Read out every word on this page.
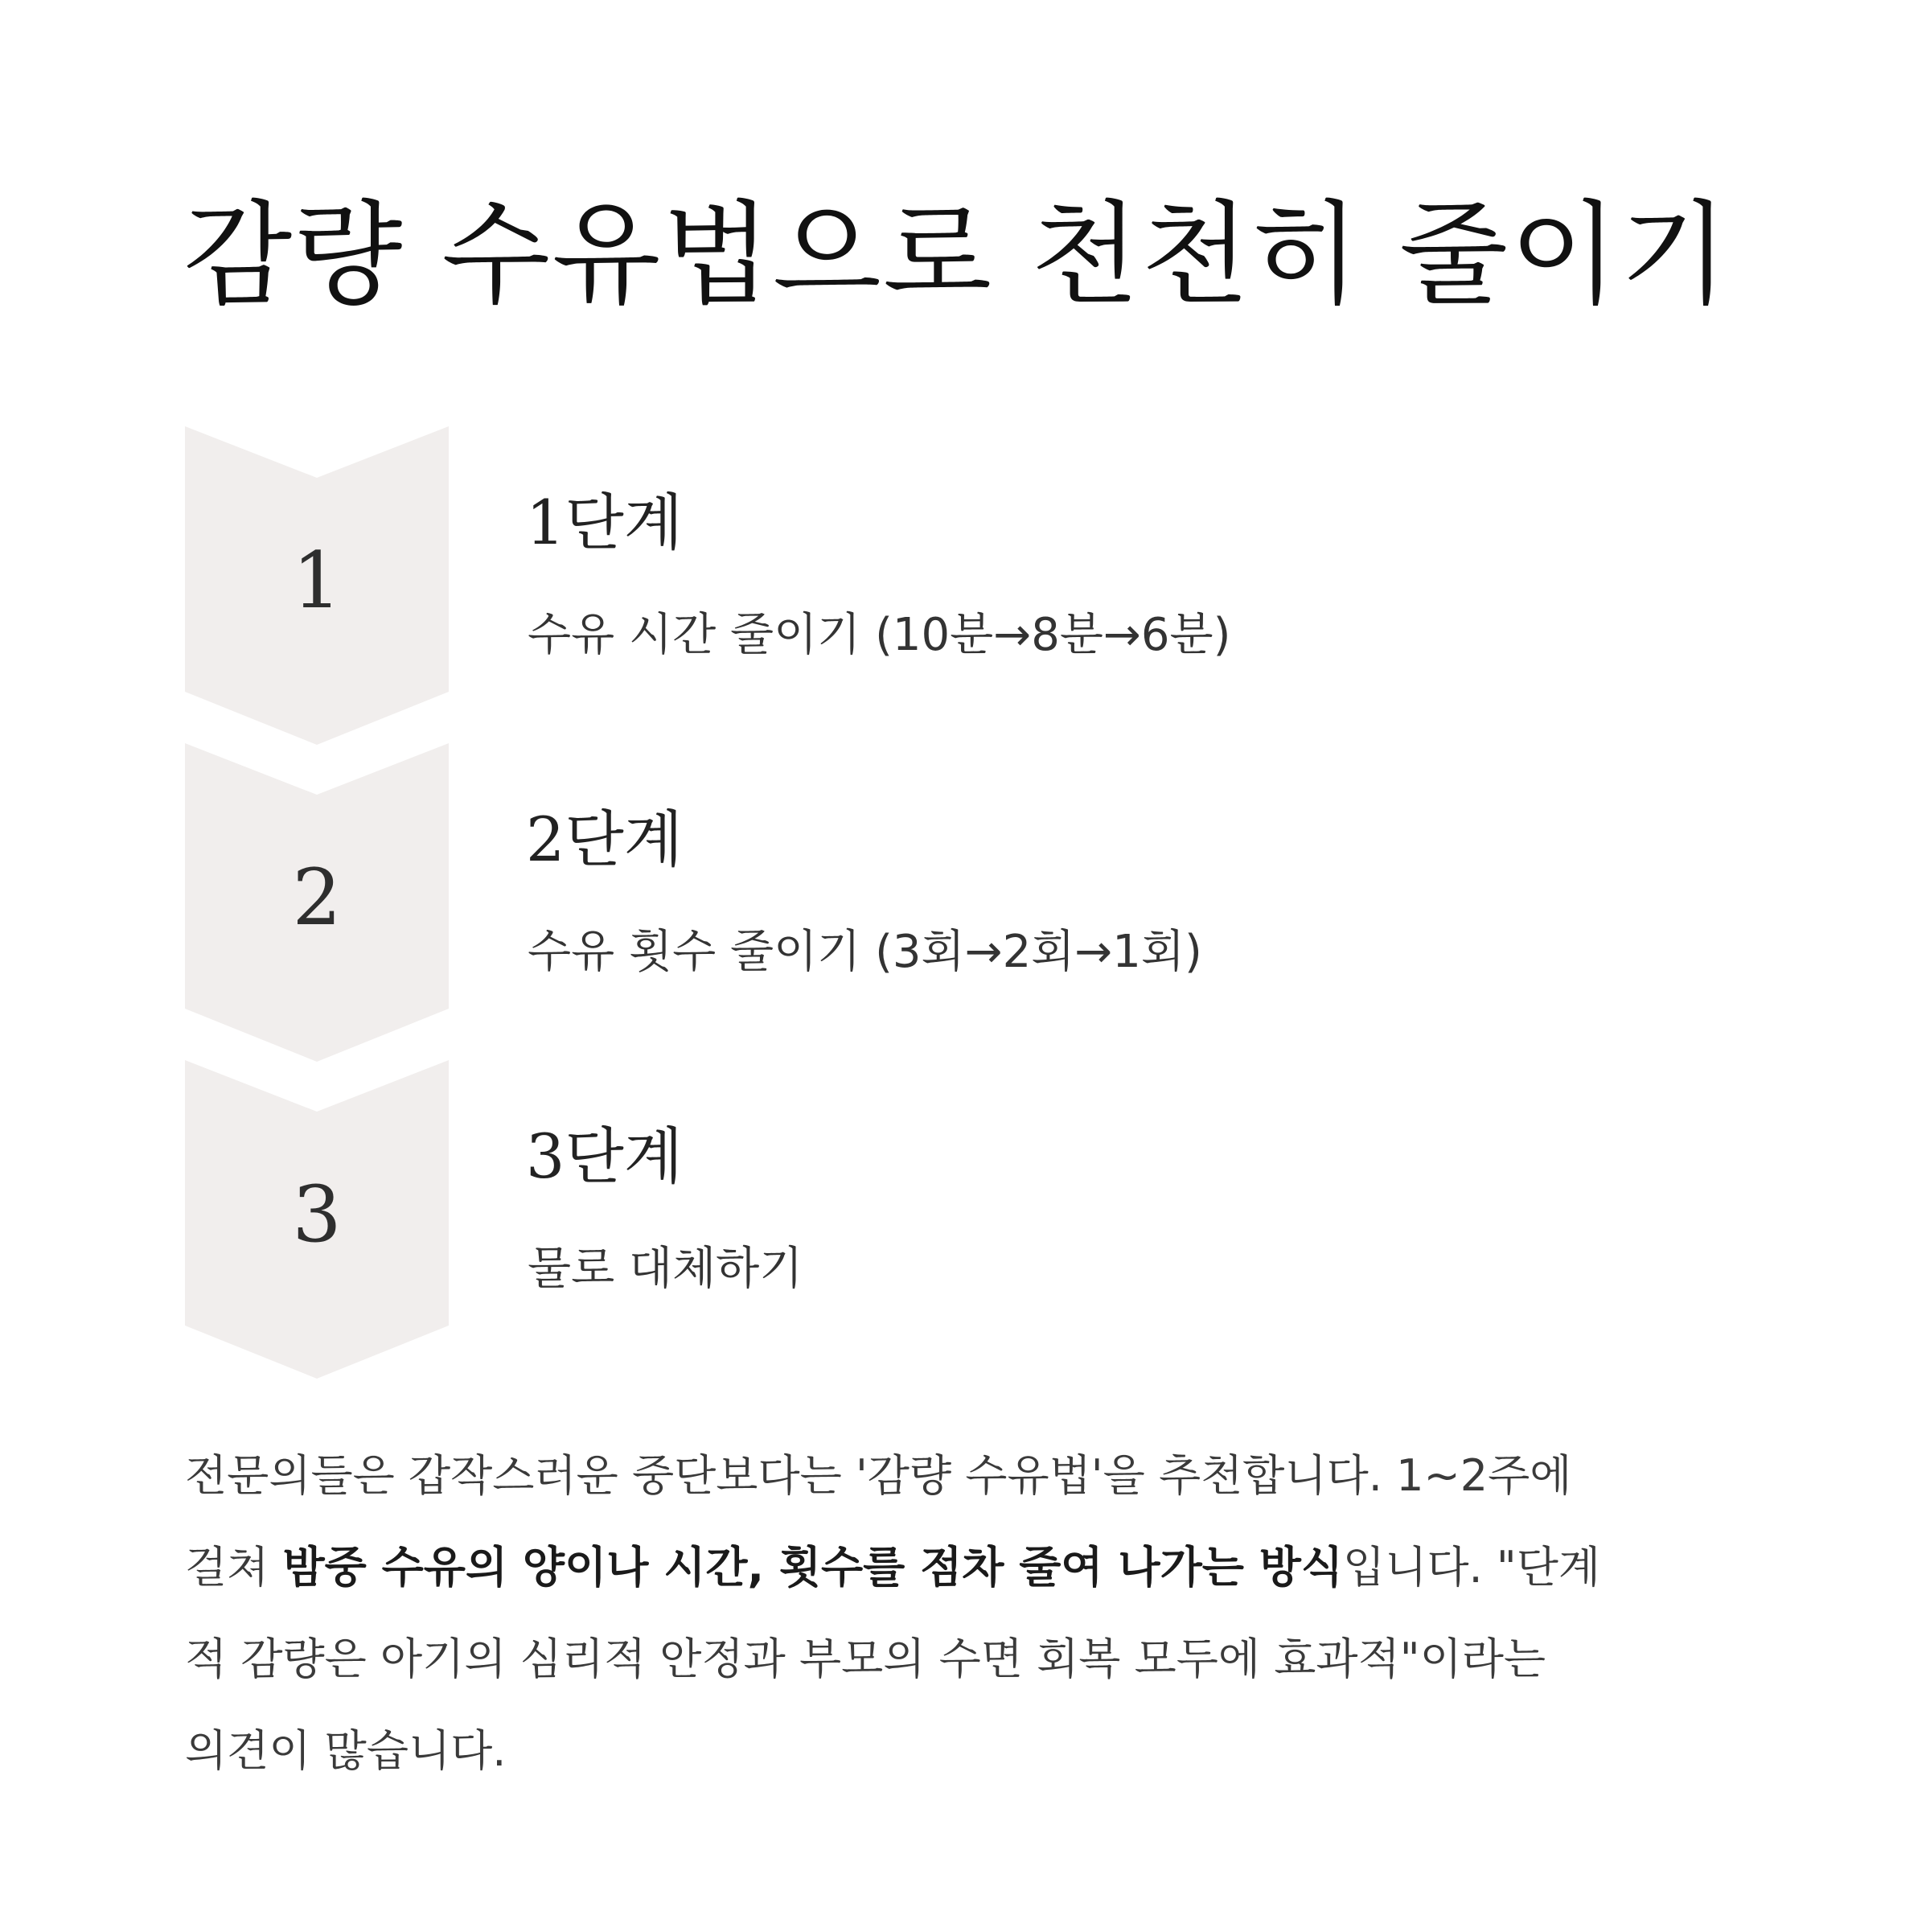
감량 수유법으로 천천히 줄이기
1
1단계

수유 시간 줄이기 (10분→8분→6분)

2
2단계

수유 횟수 줄이기 (3회→2회→1회)

3
3단계

물로 대체하기

전문의들은 갑작스러운 중단보다는 '감량 수유법'을 추천합니다. 1~2주에
걸쳐 밤중 수유의 양이나 시간, 횟수를 점차 줄여 나가는 방식입니다. "단계
적 감량은 아기의 심리적 안정과 부모의 수면 회복 모두에 효과적"이라는
의견이 많습니다.
